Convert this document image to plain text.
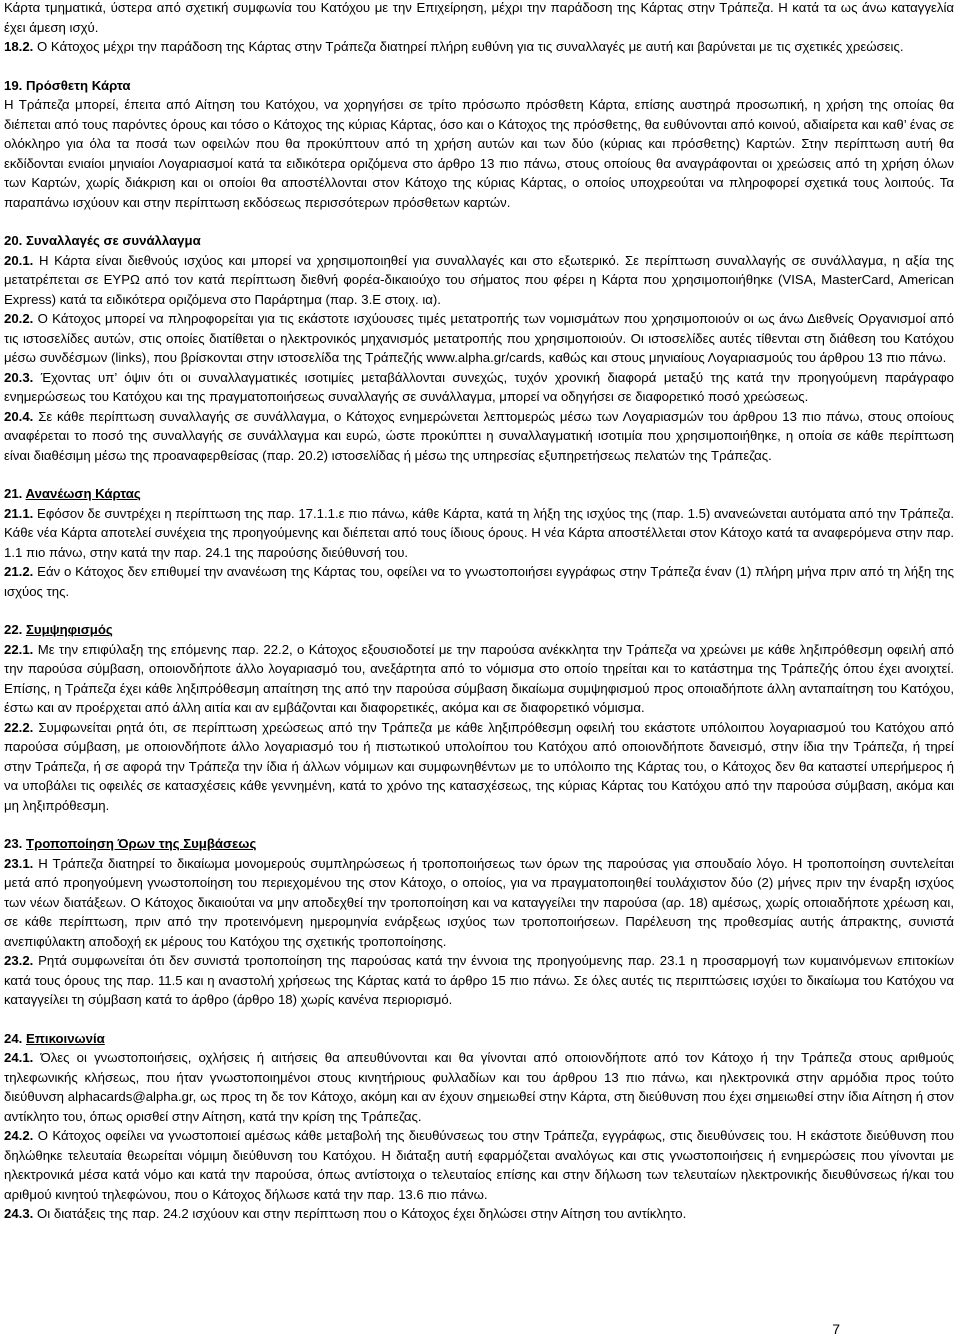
Κάρτα τμηματικά, ύστερα από σχετική συμφωνία του Κατόχου με την Επιχείρηση, μέχρι την παράδοση της Κάρτας στην Τράπεζα. Η κατά τα ως άνω καταγγελία έχει άμεση ισχύ.

18.2. Ο Κάτοχος μέχρι την παράδοση της Κάρτας στην Τράπεζα διατηρεί πλήρη ευθύνη για τις συναλλαγές με αυτή και βαρύνεται με τις σχετικές χρεώσεις.

19. Πρόσθετη Κάρτα

Η Τράπεζα μπορεί, έπειτα από Αίτηση του Κατόχου, να χορηγήσει σε τρίτο πρόσωπο πρόσθετη Κάρτα, επίσης αυστηρά προσωπική, η χρήση της οποίας θα διέπεται από τους παρόντες όρους και τόσο ο Κάτοχος της κύριας Κάρτας, όσο και ο Κάτοχος της πρόσθετης, θα ευθύνονται από κοινού, αδιαίρετα και καθ’ ένας σε ολόκληρο για όλα τα ποσά των οφειλών που θα προκύπτουν από τη χρήση αυτών και των δύο (κύριας και πρόσθετης) Καρτών. Στην περίπτωση αυτή θα εκδίδονται ενιαίοι μηνιαίοι Λογαριασμοί κατά τα ειδικότερα οριζόμενα στο άρθρο 13 πιο πάνω, στους οποίους θα αναγράφονται οι χρεώσεις από τη χρήση όλων των Καρτών, χωρίς διάκριση και οι οποίοι θα αποστέλλονται στον Κάτοχο της κύριας Κάρτας, ο οποίος υποχρεούται να πληροφορεί σχετικά τους λοιπούς. Τα παραπάνω ισχύουν και στην περίπτωση εκδόσεως περισσότερων πρόσθετων καρτών.

20. Συναλλαγές σε συνάλλαγμα

20.1. Η Κάρτα είναι διεθνούς ισχύος και μπορεί να χρησιμοποιηθεί για συναλλαγές και στο εξωτερικό. Σε περίπτωση συναλλαγής σε συνάλλαγμα, η αξία της μετατρέπεται σε ΕΥΡΩ από τον κατά περίπτωση διεθνή φορέα-δικαιούχο του σήματος που φέρει η Κάρτα που χρησιμοποιήθηκε (VISA, MasterCard, American Express) κατά τα ειδικότερα οριζόμενα στο Παράρτημα (παρ. 3.Ε στοιχ. ια).

20.2. Ο Κάτοχος μπορεί να πληροφορείται για τις εκάστοτε ισχύουσες τιμές μετατροπής των νομισμάτων που χρησιμοποιούν οι ως άνω Διεθνείς Οργανισμοί από τις ιστοσελίδες αυτών, στις οποίες διατίθεται ο ηλεκτρονικός μηχανισμός μετατροπής που χρησιμοποιούν. Οι ιστοσελίδες αυτές τίθενται στη διάθεση του Κατόχου μέσω συνδέσμων (links), που βρίσκονται στην ιστοσελίδα της Τράπεζής www.alpha.gr/cards, καθώς και στους μηνιαίους Λογαριασμούς του άρθρου 13 πιο πάνω.

20.3. Έχοντας υπ’ όψιν ότι οι συναλλαγματικές ισοτιμίες μεταβάλλονται συνεχώς, τυχόν χρονική διαφορά μεταξύ της κατά την προηγούμενη παράγραφο ενημερώσεως του Κατόχου και της πραγματοποιήσεως συναλλαγής σε συνάλλαγμα, μπορεί να οδηγήσει σε διαφορετικό ποσό χρεώσεως.

20.4. Σε κάθε περίπτωση συναλλαγής σε συνάλλαγμα, ο Κάτοχος ενημερώνεται λεπτομερώς μέσω των Λογαριασμών του άρθρου 13 πιο πάνω, στους οποίους αναφέρεται το ποσό της συναλλαγής σε συνάλλαγμα και ευρώ, ώστε προκύπτει η συναλλαγματική ισοτιμία που χρησιμοποιήθηκε, η οποία σε κάθε περίπτωση είναι διαθέσιμη μέσω της προαναφερθείσας (παρ. 20.2) ιστοσελίδας ή μέσω της υπηρεσίας εξυπηρετήσεως πελατών της Τράπεζας.

21. Ανανέωση Κάρτας

21.1. Εφόσον δε συντρέχει η περίπτωση της παρ. 17.1.1.ε πιο πάνω, κάθε Κάρτα, κατά τη λήξη της ισχύος της (παρ. 1.5) ανανεώνεται αυτόματα από την Τράπεζα. Κάθε νέα Κάρτα αποτελεί συνέχεια της προηγούμενης και διέπεται από τους ίδιους όρους. Η νέα Κάρτα αποστέλλεται στον Κάτοχο κατά τα αναφερόμενα στην παρ. 1.1 πιο πάνω, στην κατά την παρ. 24.1 της παρούσης διεύθυνσή του.

21.2. Εάν ο Κάτοχος δεν επιθυμεί την ανανέωση της Κάρτας του, οφείλει να το γνωστοποιήσει εγγράφως στην Τράπεζα έναν (1) πλήρη μήνα πριν από τη λήξη της ισχύος της.

22. Συμψηφισμός

22.1. Με την επιφύλαξη της επόμενης παρ. 22.2, ο Κάτοχος εξουσιοδοτεί με την παρούσα ανέκκλητα την Τράπεζα να χρεώνει με κάθε ληξιπρόθεσμη οφειλή από την παρούσα σύμβαση, οποιονδήποτε άλλο λογαριασμό του, ανεξάρτητα από το νόμισμα στο οποίο τηρείται και το κατάστημα της Τράπεζής όπου έχει ανοιχτεί. Επίσης, η Τράπεζα έχει κάθε ληξιπρόθεσμη απαίτηση της από την παρούσα σύμβαση δικαίωμα συμψηφισμού προς οποιαδήποτε άλλη ανταπαίτηση του Κατόχου, έστω και αν προέρχεται από άλλη αιτία και αν εμβάζονται και διαφορετικές, ακόμα και σε διαφορετικό νόμισμα.

22.2. Συμφωνείται ρητά ότι, σε περίπτωση χρεώσεως από την Τράπεζα με κάθε ληξιπρόθεσμη οφειλή του εκάστοτε υπόλοιπου λογαριασμού του Κατόχου από παρούσα σύμβαση, με οποιονδήποτε άλλο λογαριασμό του ή πιστωτικού υπολοίπου του Κατόχου από οποιονδήποτε δανεισμό, στην ίδια την Τράπεζα, ή τηρεί στην Τράπεζα, ή σε αφορά την Τράπεζα την ίδια ή άλλων νόμιμων και συμφωνηθέντων με το υπόλοιπο της Κάρτας του, ο Κάτοχος δεν θα καταστεί υπερήμερος ή να υποβάλει τις οφειλές σε κατασχέσεις κάθε γεννημένη, κατά το χρόνο της κατασχέσεως, της κύριας Κάρτας του Κατόχου από την παρούσα σύμβαση, ακόμα και μη ληξιπρόθεσμη.

23. Τροποποίηση Όρων της Συμβάσεως

23.1. Η Τράπεζα διατηρεί το δικαίωμα μονομερούς συμπληρώσεως ή τροποποιήσεως των όρων της παρούσας για σπουδαίο λόγο. Η τροποποίηση συντελείται μετά από προηγούμενη γνωστοποίηση του περιεχομένου της στον Κάτοχο, ο οποίος, για να πραγματοποιηθεί τουλάχιστον δύο (2) μήνες πριν την έναρξη ισχύος των νέων διατάξεων. Ο Κάτοχος δικαιούται να μην αποδεχθεί την τροποποίηση και να καταγγείλει την παρούσα (αρ. 18) αμέσως, χωρίς οποιαδήποτε χρέωση και, σε κάθε περίπτωση, πριν από την προτεινόμενη ημερομηνία ενάρξεως ισχύος των τροποποιήσεων. Παρέλευση της προθεσμίας αυτής άπρακτης, συνιστά ανεπιφύλακτη αποδοχή εκ μέρους του Κατόχου της σχετικής τροποποίησης.

23.2. Ρητά συμφωνείται ότι δεν συνιστά τροποποίηση της παρούσας κατά την έννοια της προηγούμενης παρ. 23.1 η προσαρμογή των κυμαινόμενων επιτοκίων κατά τους όρους της παρ. 11.5 και η αναστολή χρήσεως της Κάρτας κατά το άρθρο 15 πιο πάνω. Σε όλες αυτές τις περιπτώσεις ισχύει το δικαίωμα του Κατόχου να καταγγείλει τη σύμβαση κατά το άρθρο (άρθρο 18) χωρίς κανένα περιορισμό.

24. Επικοινωνία

24.1. Όλες οι γνωστοποιήσεις, οχλήσεις ή αιτήσεις θα απευθύνονται και θα γίνονται από οποιονδήποτε από τον Κάτοχο ή την Τράπεζα στους αριθμούς τηλεφωνικής κλήσεως, που ήταν γνωστοποιημένοι στους κινητήριους φυλλαδίων και του άρθρου 13 πιο πάνω, και ηλεκτρονικά στην αρμόδια προς τούτο διεύθυνση alphacards@alpha.gr, ως προς τη δε τον Κάτοχο, ακόμη και αν έχουν σημειωθεί στην Κάρτα, στη διεύθυνση που έχει σημειωθεί στην ίδια Αίτηση ή στον αντίκλητο του, όπως ορισθεί στην Αίτηση, κατά την κρίση της Τράπεζας.

24.2. Ο Κάτοχος οφείλει να γνωστοποιεί αμέσως κάθε μεταβολή της διευθύνσεως του στην Τράπεζα, εγγράφως, στις διευθύνσεις του. Η εκάστοτε διεύθυνση που δηλώθηκε τελευταία θεωρείται νόμιμη διεύθυνση του Κατόχου. Η διάταξη αυτή εφαρμόζεται αναλόγως και στις γνωστοποιήσεις ή ενημερώσεις που γίνονται με ηλεκτρονικά μέσα κατά νόμο και κατά την παρούσα, όπως αντίστοιχα ο τελευταίος επίσης και στην δήλωση των τελευταίων ηλεκτρονικής διευθύνσεως ή/και του αριθμού κινητού τηλεφώνου, που ο Κάτοχος δήλωσε κατά την παρ. 13.6 πιο πάνω.

24.3. Οι διατάξεις της παρ. 24.2 ισχύουν και στην περίπτωση που ο Κάτοχος έχει δηλώσει στην Αίτηση του αντίκλητο.

7
